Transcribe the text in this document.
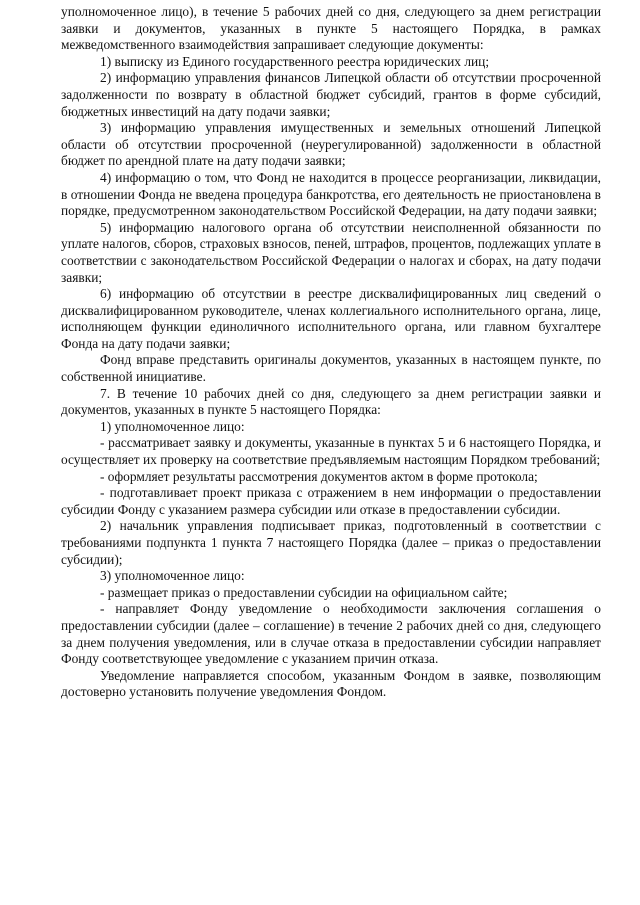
уполномоченное лицо), в течение 5 рабочих дней со дня, следующего за днем регистрации заявки и документов, указанных в пункте 5 настоящего Порядка, в рамках межведомственного взаимодействия запрашивает следующие документы:

1) выписку из Единого государственного реестра юридических лиц;

2) информацию управления финансов Липецкой области об отсутствии просроченной задолженности по возврату в областной бюджет субсидий, грантов в форме субсидий, бюджетных инвестиций на дату подачи заявки;

3) информацию управления имущественных и земельных отношений Липецкой области об отсутствии просроченной (неурегулированной) задолженности в областной бюджет по арендной плате на дату подачи заявки;

4) информацию о том, что Фонд не находится в процессе реорганизации, ликвидации, в отношении Фонда не введена процедура банкротства, его деятельность не приостановлена в порядке, предусмотренном законодательством Российской Федерации, на дату подачи заявки;

5) информацию налогового органа об отсутствии неисполненной обязанности по уплате налогов, сборов, страховых взносов, пеней, штрафов, процентов, подлежащих уплате в соответствии с законодательством Российской Федерации о налогах и сборах, на дату подачи заявки;

6) информацию об отсутствии в реестре дисквалифицированных лиц сведений о дисквалифицированном руководителе, членах коллегиального исполнительного органа, лице, исполняющем функции единоличного исполнительного органа, или главном бухгалтере Фонда на дату подачи заявки;

Фонд вправе представить оригиналы документов, указанных в настоящем пункте, по собственной инициативе.

7. В течение 10 рабочих дней со дня, следующего за днем регистрации заявки и документов, указанных в пункте 5 настоящего Порядка:

1) уполномоченное лицо:

- рассматривает заявку и документы, указанные в пунктах 5 и 6 настоящего Порядка, и осуществляет их проверку на соответствие предъявляемым настоящим Порядком требований;

- оформляет результаты рассмотрения документов актом в форме протокола;

- подготавливает проект приказа с отражением в нем информации о предоставлении субсидии Фонду с указанием размера субсидии или отказе в предоставлении субсидии.

2) начальник управления подписывает приказ, подготовленный в соответствии с требованиями подпункта 1 пункта 7 настоящего Порядка (далее – приказ о предоставлении субсидии);

3) уполномоченное лицо:

- размещает приказ о предоставлении субсидии на официальном сайте;

- направляет Фонду уведомление о необходимости заключения соглашения о предоставлении субсидии (далее – соглашение) в течение 2 рабочих дней со дня, следующего за днем получения уведомления, или в случае отказа в предоставлении субсидии направляет Фонду соответствующее уведомление с указанием причин отказа.

Уведомление направляется способом, указанным Фондом в заявке, позволяющим достоверно установить получение уведомления Фондом.
